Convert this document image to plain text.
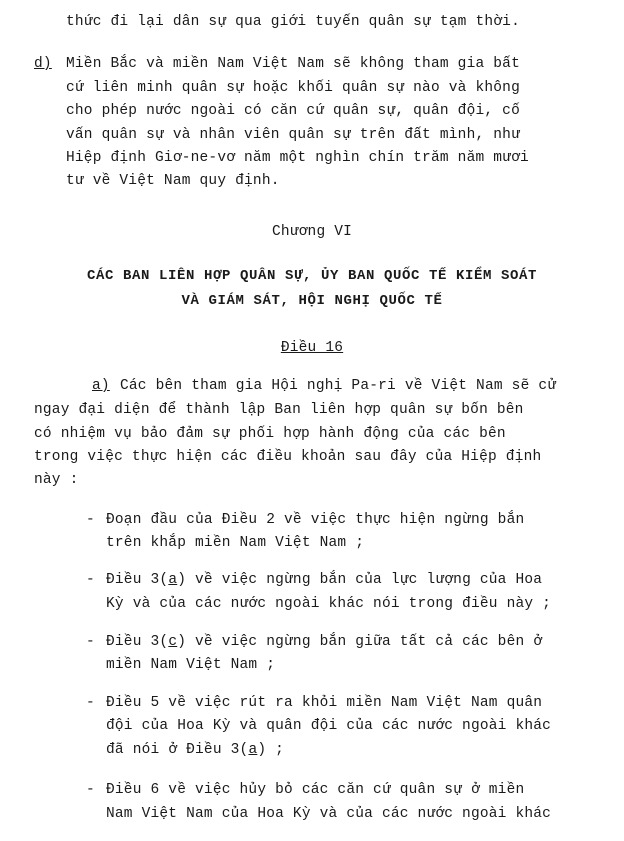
thức đi lại dân sự qua giới tuyến quân sự tạm thời.
d) Miền Bắc và miền Nam Việt Nam sẽ không tham gia bất
cứ liên minh quân sự hoặc khối quân sự nào và không
cho phép nước ngoài có căn cứ quân sự, quân đội, cố
vấn quân sự và nhân viên quân sự trên đất mình, như
Hiệp định Giơ-ne-vơ năm một nghìn chín trăm năm mươi
tư về Việt Nam quy định.
Chương VI
CÁC BAN LIÊN HỢP QUÂN SỰ, ỦY BAN QUỐC TẾ KIỂM SOÁT
VÀ GIÁM SÁT, HỘI NGHỊ QUỐC TẾ
Điều 16
a) Các bên tham gia Hội nghị Pa-ri về Việt Nam sẽ cử
ngay đại diện để thành lập Ban liên hợp quân sự bốn bên
có nhiệm vụ bảo đảm sự phối hợp hành động của các bên
trong việc thực hiện các điều khoản sau đây của Hiệp định
này :
- Đoạn đầu của Điều 2 về việc thực hiện ngừng bắn
trên khắp miền Nam Việt Nam ;
- Điều 3(a) về việc ngừng bắn của lực lượng của Hoa
Kỳ và của các nước ngoài khác nói trong điều này ;
- Điều 3(c) về việc ngừng bắn giữa tất cả các bên ở
miền Nam Việt Nam ;
- Điều 5 về việc rút ra khỏi miền Nam Việt Nam quân
đội của Hoa Kỳ và quân đội của các nước ngoài khác
đã nói ở Điều 3(a) ;
- Điều 6 về việc hủy bỏ các căn cứ quân sự ở miền
Nam Việt Nam của Hoa Kỳ và của các nước ngoài khác
